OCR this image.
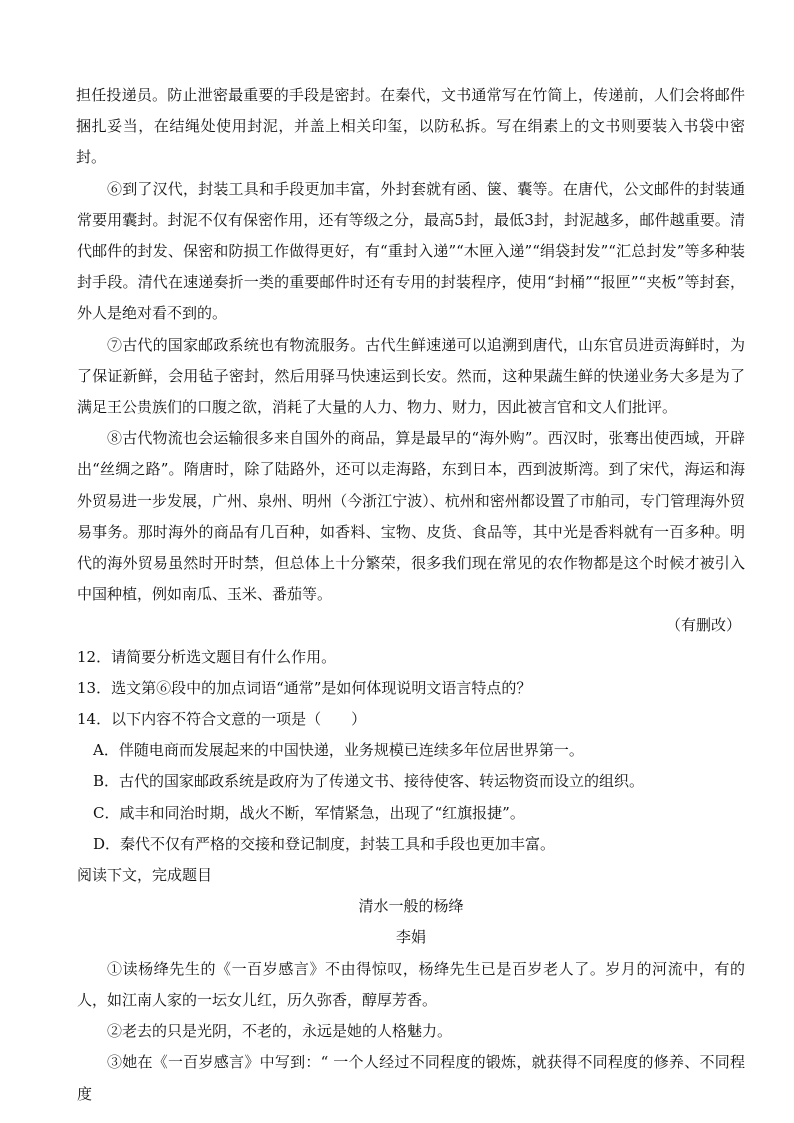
担任投递员。防止泄密最重要的手段是密封。在秦代，文书通常写在竹简上，传递前，人们会将邮件捆扎妥当，在结绳处使用封泥，并盖上相关印玺，以防私拆。写在绢素上的文书则要装入书袋中密封。

⑥到了汉代，封装工具和手段更加丰富，外封套就有函、箧、囊等。在唐代，公文邮件的封装通常要用囊封。封泥不仅有保密作用，还有等级之分，最高5封，最低3封，封泥越多，邮件越重要。清代邮件的封发、保密和防损工作做得更好，有“重封入递”“木匣入递”“绢袋封发”“汇总封发”等多种装封手段。清代在速递奏折一类的重要邮件时还有专用的封装程序，使用“封桶”“报匣”“夹板”等封套，外人是绝对看不到的。

⑦古代的国家邮政系统也有物流服务。古代生鲜速递可以追溯到唐代，山东官员进贡海鲜时，为了保证新鲜，会用毡子密封，然后用驿马快速运到长安。然而，这种果蔬生鲜的快递业务大多是为了满足王公贵族们的口腹之欲，消耗了大量的人力、物力、财力，因此被言官和文人们批评。

⑧古代物流也会运输很多来自国外的商品，算是最早的“海外购”。西汉时，张骞出使西域，开辟出“丝绸之路”。隋唐时，除了陆路外，还可以走海路，东到日本，西到波斯湾。到了宋代，海运和海外贸易进一步发展，广州、泉州、明州（今浙江宁波）、杭州和密州都设置了市舶司，专门管理海外贸易事务。那时海外的商品有几百种，如香料、宝物、皮货、食品等，其中光是香料就有一百多种。明代的海外贸易虽然时开时禁，但总体上十分繁荣，很多我们现在常见的农作物都是这个时候才被引入中国种植，例如南瓜、玉米、番茄等。

（有删改）

12．请简要分析选文题目有什么作用。

13．选文第⑥段中的加点词语“通常”是如何体现说明文语言特点的？

14．以下内容不符合文意的一项是（　　）

A．伴随电商而发展起来的中国快递，业务规模已连续多年位居世界第一。

B．古代的国家邮政系统是政府为了传递文书、接待使客、转运物资而设立的组织。

C．咸丰和同治时期，战火不断，军情紧急，出现了“红旗报捷”。

D．秦代不仅有严格的交接和登记制度，封装工具和手段也更加丰富。

阅读下文，完成题目

清水一般的杨绛

李娟

①读杨绛先生的《一百岁感言》不由得惊叹，杨绛先生已是百岁老人了。岁月的河流中，有的人，如江南人家的一坛女儿红，历久弥香，醇厚芳香。

②老去的只是光阴，不老的，永远是她的人格魅力。

③她在《一百岁感言》中写到：“ 一个人经过不同程度的锻炼，就获得不同程度的修养、不同程度
